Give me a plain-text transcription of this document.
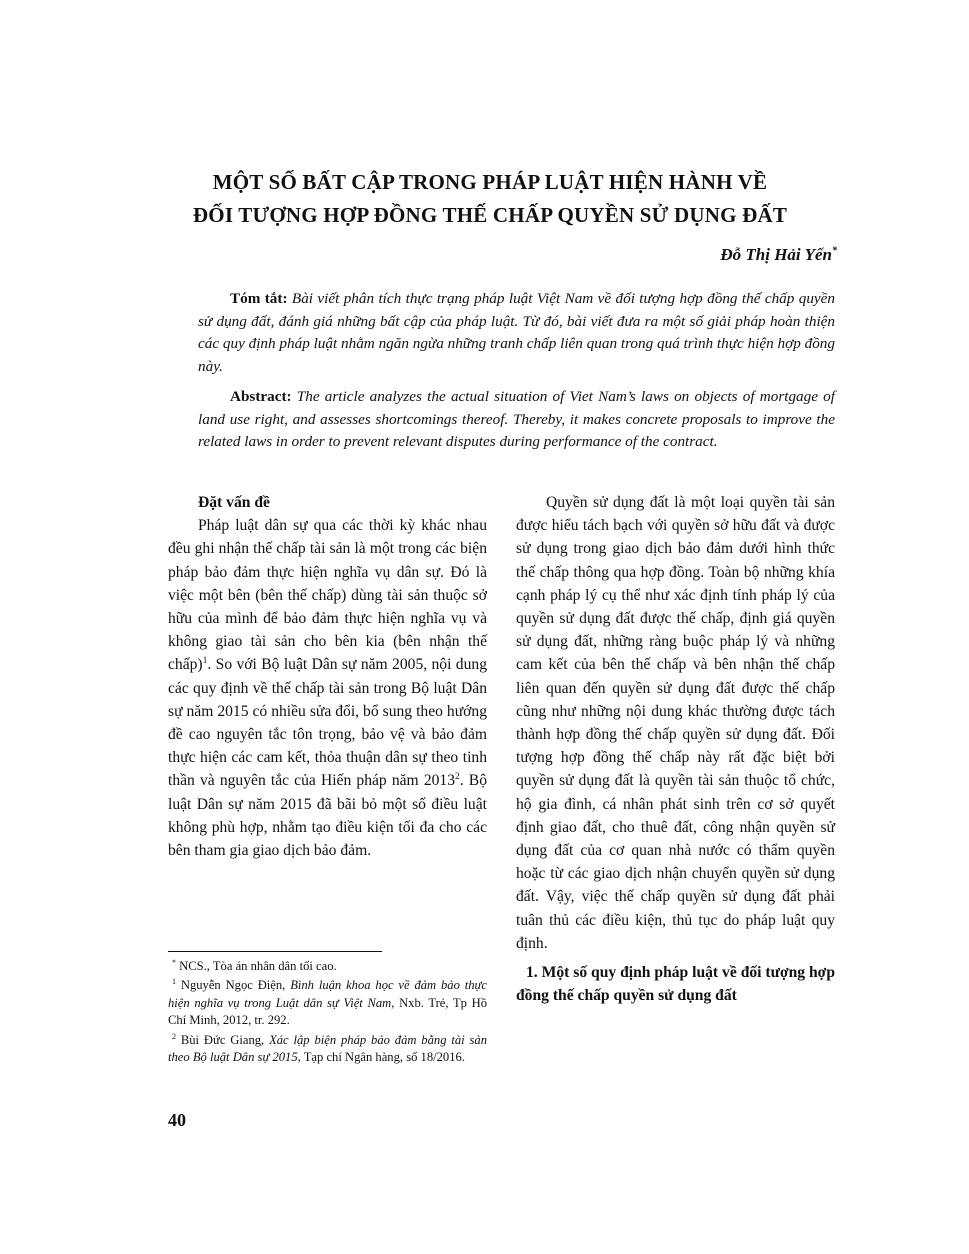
MỘT SỐ BẤT CẬP TRONG PHÁP LUẬT HIỆN HÀNH VỀ
ĐỐI TƯỢNG HỢP ĐỒNG THẾ CHẤP QUYỀN SỬ DỤNG ĐẤT
Đỗ Thị Hải Yến*
Tóm tắt: Bài viết phân tích thực trạng pháp luật Việt Nam về đối tượng hợp đồng thế chấp quyền sử dụng đất, đánh giá những bất cập của pháp luật. Từ đó, bài viết đưa ra một số giải pháp hoàn thiện các quy định pháp luật nhằm ngăn ngừa những tranh chấp liên quan trong quá trình thực hiện hợp đồng này.
Abstract: The article analyzes the actual situation of Viet Nam’s laws on objects of mortgage of land use right, and assesses shortcomings thereof. Thereby, it makes concrete proposals to improve the related laws in order to prevent relevant disputes during performance of the contract.
Đặt vấn đề

Pháp luật dân sự qua các thời kỳ khác nhau đều ghi nhận thế chấp tài sản là một trong các biện pháp bảo đảm thực hiện nghĩa vụ dân sự. Đó là việc một bên (bên thế chấp) dùng tài sản thuộc sở hữu của mình để bảo đảm thực hiện nghĩa vụ và không giao tài sản cho bên kia (bên nhận thế chấp)$^1$. So với Bộ luật Dân sự năm 2005, nội dung các quy định về thế chấp tài sản trong Bộ luật Dân sự năm 2015 có nhiều sửa đổi, bổ sung theo hướng đề cao nguyên tắc tôn trọng, bảo vệ và bảo đảm thực hiện các cam kết, thỏa thuận dân sự theo tinh thần và nguyên tắc của Hiến pháp năm 2013$^2$. Bộ luật Dân sự năm 2015 đã bãi bỏ một số điều luật không phù hợp, nhằm tạo điều kiện tối đa cho các bên tham gia giao dịch bảo đảm.

Quyền sử dụng đất là một loại quyền tài sản được hiểu tách bạch với quyền sở hữu đất và được sử dụng trong giao dịch bảo đảm dưới hình thức thế chấp thông qua hợp đồng. Toàn bộ những khía cạnh pháp lý cụ thể như xác định tính pháp lý của quyền sử dụng đất được thế chấp, định giá quyền sử dụng đất, những ràng buộc pháp lý và những cam kết của bên thế chấp và bên nhận thế chấp liên quan đến quyền sử dụng đất được thế chấp cũng như những nội dung khác thường được tách thành hợp đồng thế chấp quyền sử dụng đất. Đối tượng hợp đồng thế chấp này rất đặc biệt bởi quyền sử dụng đất là quyền tài sản thuộc tổ chức, hộ gia đình, cá nhân phát sinh trên cơ sở quyết định giao đất, cho thuê đất, công nhận quyền sử dụng đất của cơ quan nhà nước có thẩm quyền hoặc từ các giao dịch nhận chuyển quyền sử dụng đất. Vậy, việc thế chấp quyền sử dụng đất phải tuân thủ các điều kiện, thủ tục do pháp luật quy định.

1. Một số quy định pháp luật về đối tượng hợp đồng thế chấp quyền sử dụng đất

* NCS., Tòa án nhân dân tối cao.

$^1$ Nguyễn Ngọc Điện, Bình luận khoa học về đảm bảo thực hiện nghĩa vụ trong Luật dân sự Việt Nam, Nxb. Trẻ, Tp Hồ Chí Minh, 2012, tr. 292.

$^2$ Bùi Đức Giang, Xác lập biện pháp bảo đảm bằng tài sản theo Bộ luật Dân sự 2015, Tạp chí Ngân hàng, số 18/2016.

40
